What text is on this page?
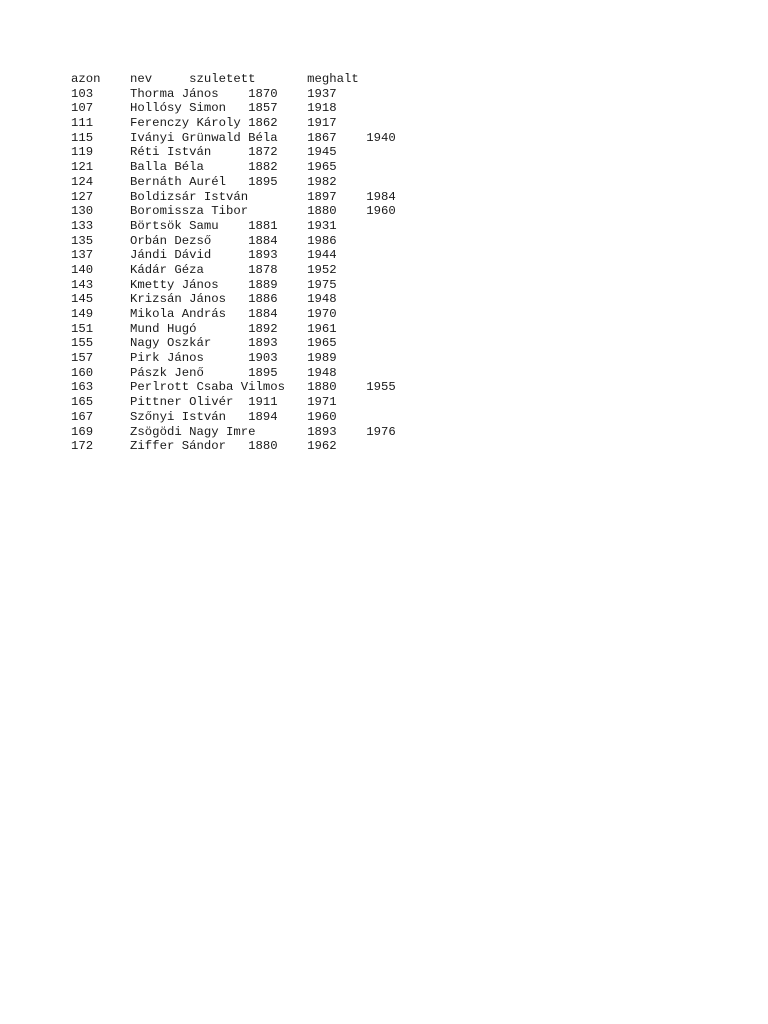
azon	nev		szuletett		meghalt
103		Thorma János	1870	1937
107		Hollósy Simon	1857	1918
111		Ferenczy Károly	1862	1917
115		Iványi Grünwald Béla	1867	1940
119		Réti István		1872	1945
121		Balla Béla		1882	1965
124		Bernáth Aurél	1895	1982
127		Boldizsár István		1897	1984
130		Boromissza Tibor		1880	1960
133		Börtsök Samu	1881	1931
135		Orbán Dezső		1884	1986
137		Jándi Dávid		1893	1944
140		Kádár Géza		1878	1952
143		Kmetty János	1889	1975
145		Krizsán János	1886	1948
149		Mikola András	1884	1970
151		Mund Hugó		1892	1961
155		Nagy Oszkár		1893	1965
157		Pirk János		1903	1989
160		Pászk Jenő		1895	1948
163		Perlrott Csaba Vilmos	1880	1955
165		Pittner Olivér	1911	1971
167		Szőnyi István	1894	1960
169		Zsögödi Nagy Imre		1893	1976
172		Ziffer Sándor	1880	1962
